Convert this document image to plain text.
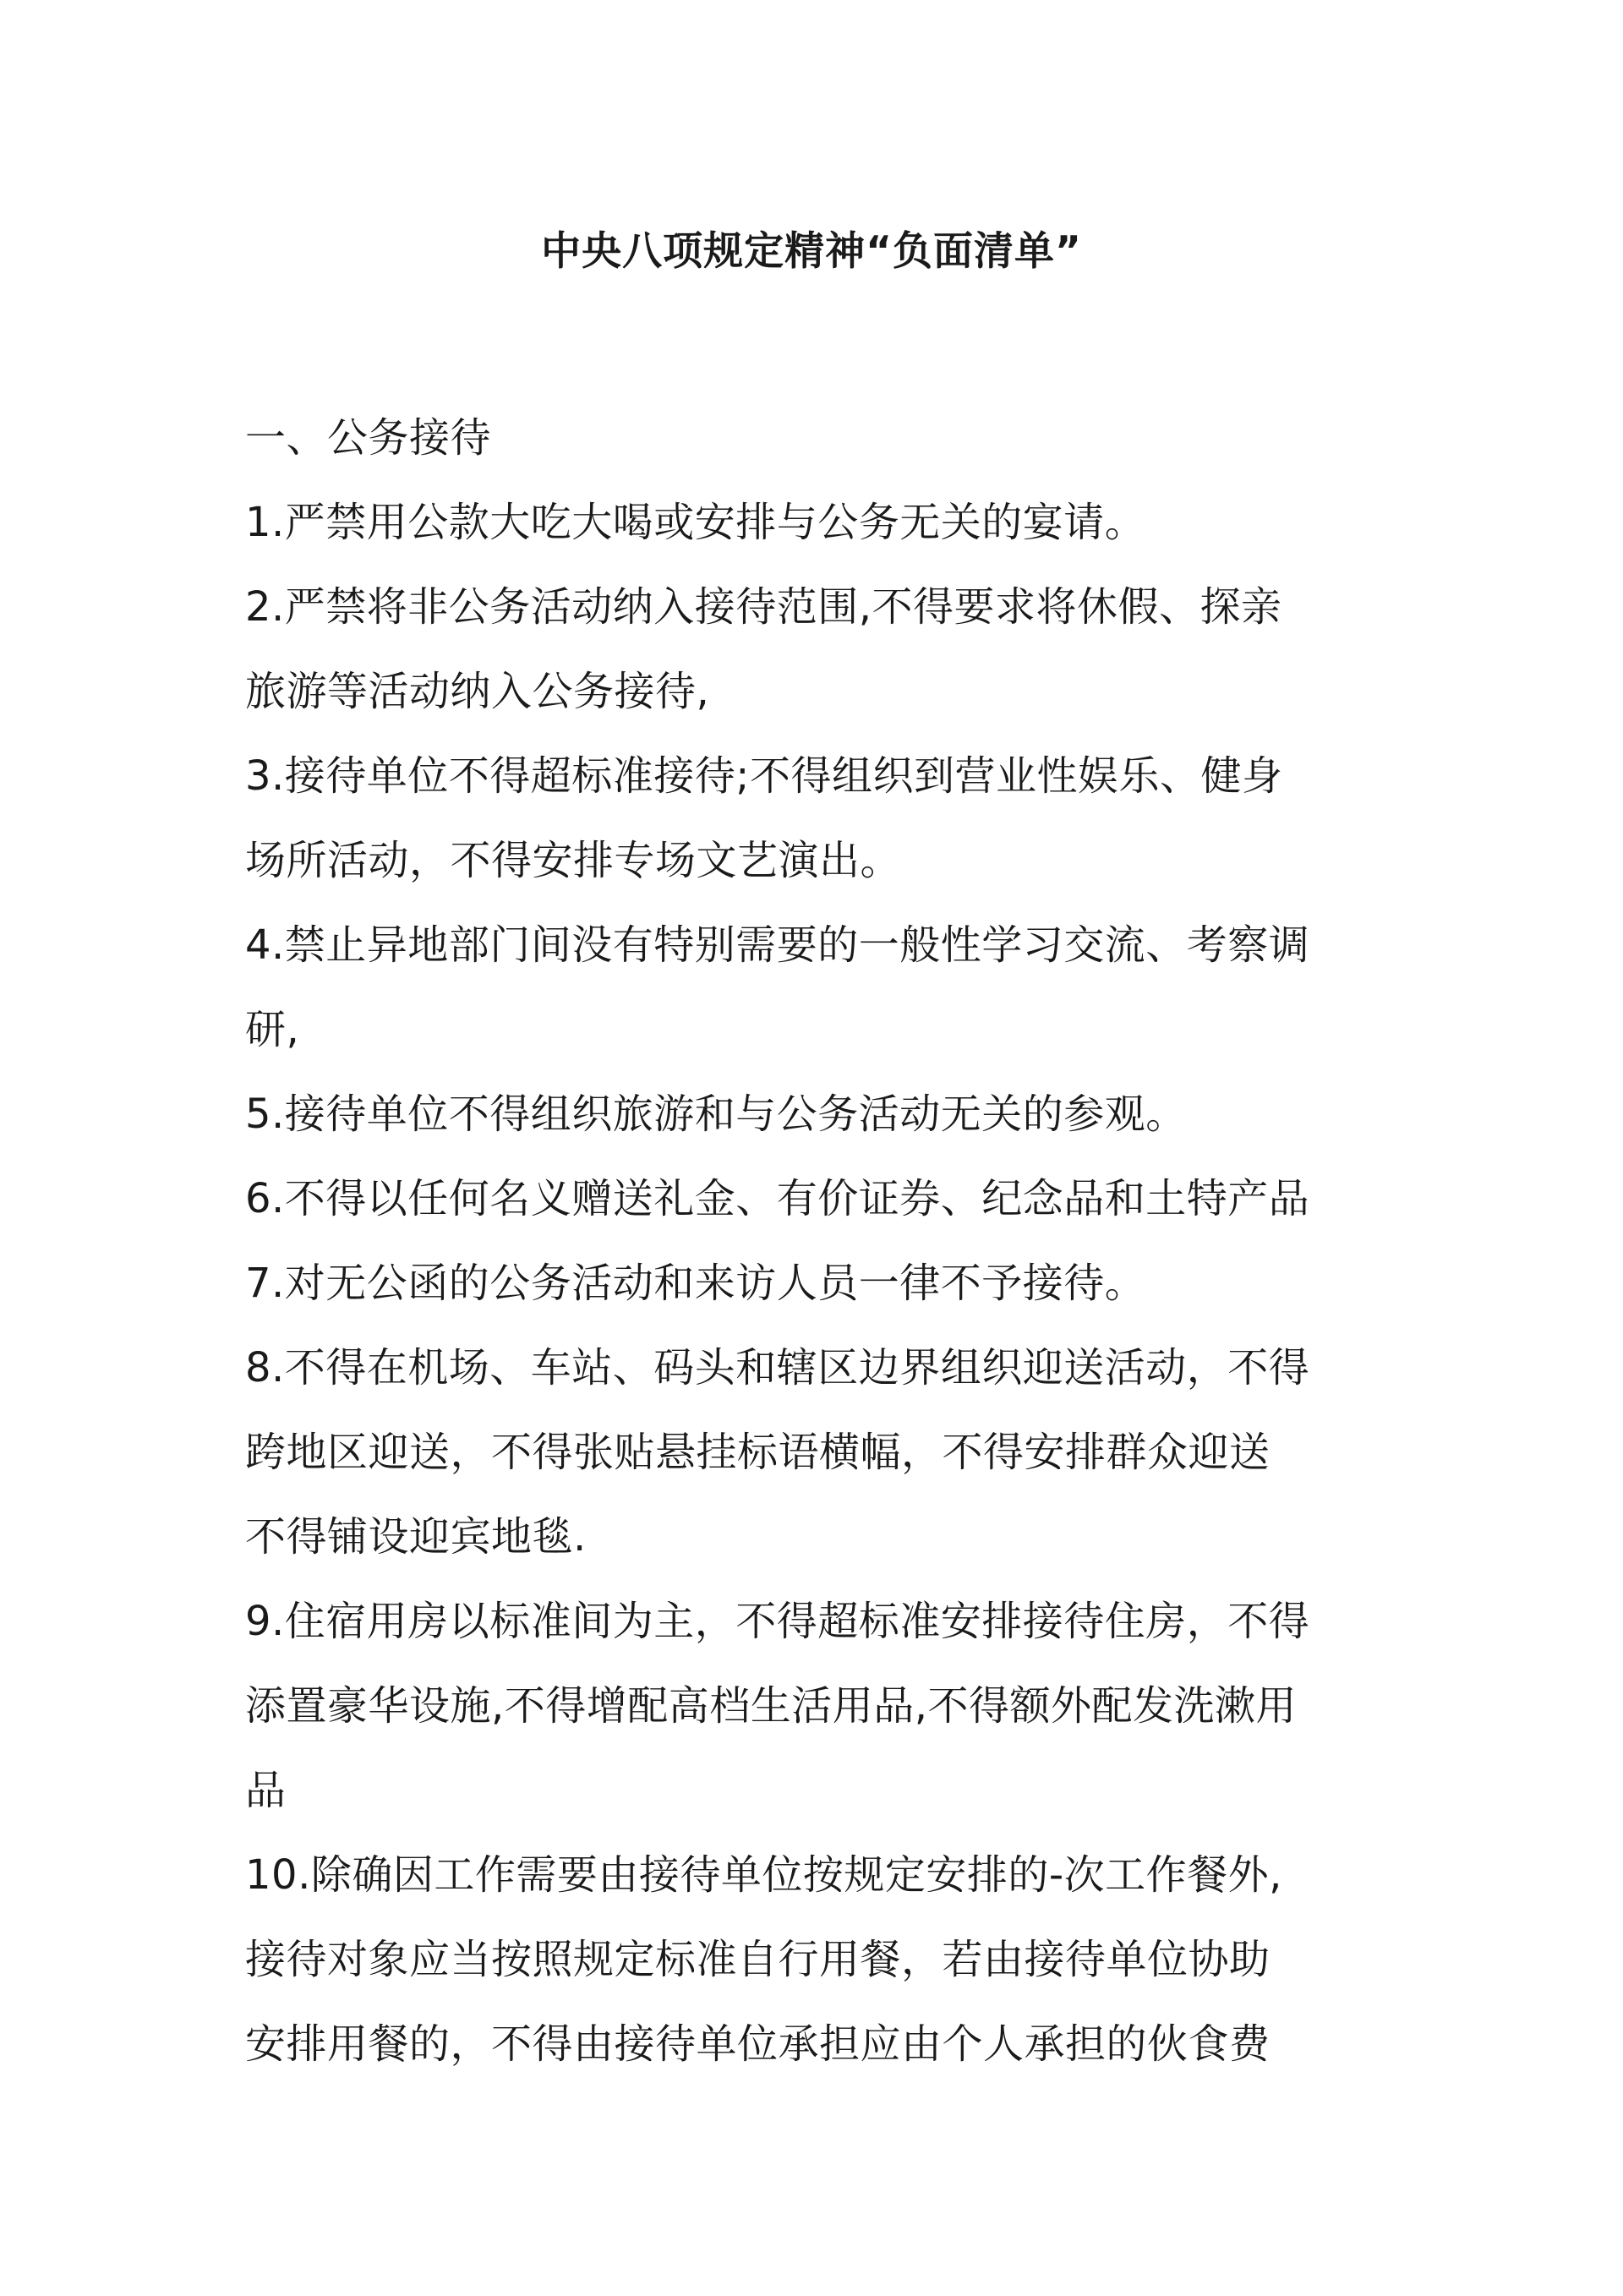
中央八项规定精神“负面清单”
一、公务接待
1.严禁用公款大吃大喝或安排与公务无关的宴请。
2.严禁将非公务活动纳入接待范围,不得要求将休假、探亲
旅游等活动纳入公务接待,
3.接待单位不得超标准接待;不得组织到营业性娱乐、健身
场所活动，不得安排专场文艺演出。
4.禁止异地部门间没有特别需要的一般性学习交流、考察调
研,
5.接待单位不得组织旅游和与公务活动无关的参观。
6.不得以任何名义赠送礼金、有价证券、纪念品和土特产品
7.对无公函的公务活动和来访人员一律不予接待。
8.不得在机场、车站、码头和辖区边界组织迎送活动，不得
跨地区迎送，不得张贴悬挂标语横幅，不得安排群众迎送
不得铺设迎宾地毯.
9.住宿用房以标准间为主，不得超标准安排接待住房，不得
添置豪华设施,不得增配高档生活用品,不得额外配发洗漱用
品
10.除确因工作需要由接待单位按规定安排的-次工作餐外,
接待对象应当按照规定标准自行用餐，若由接待单位协助
安排用餐的，不得由接待单位承担应由个人承担的伙食费
